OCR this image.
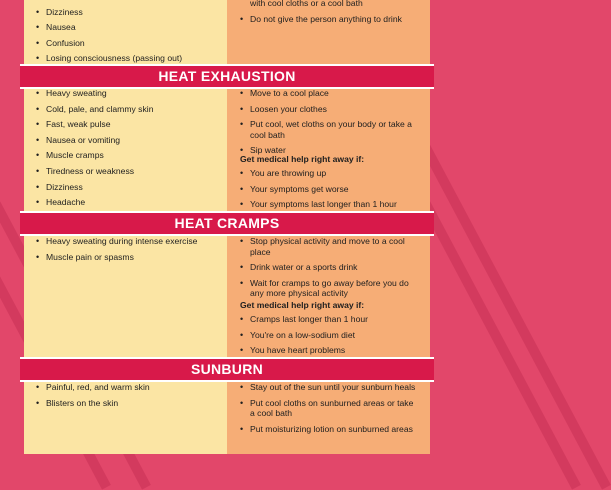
•
• Dizziness
• Nausea
• Confusion
• Losing consciousness (passing out)
with cool cloths or a cool bath
• Do not give the person anything to drink
HEAT EXHAUSTION
• Heavy sweating
• Cold, pale, and clammy skin
• Fast, weak pulse
• Nausea or vomiting
• Muscle cramps
• Tiredness or weakness
• Dizziness
• Headache
•
• Move to a cool place
• Loosen your clothes
• Put cool, wet cloths on your body or take a cool bath
• Sip water
Get medical help right away if:
• You are throwing up
• Your symptoms get worse
• Your symptoms last longer than 1 hour
HEAT CRAMPS
• Heavy sweating during intense exercise
• Muscle pain or spasms
• Stop physical activity and move to a cool place
• Drink water or a sports drink
• Wait for cramps to go away before you do any more physical activity
Get medical help right away if:
• Cramps last longer than 1 hour
• You're on a low-sodium diet
• You have heart problems
SUNBURN
• Painful, red, and warm skin
• Blisters on the skin
• Stay out of the sun until your sunburn heals
• Put cool cloths on sunburned areas or take a cool bath
• Put moisturizing lotion on sunburned areas
